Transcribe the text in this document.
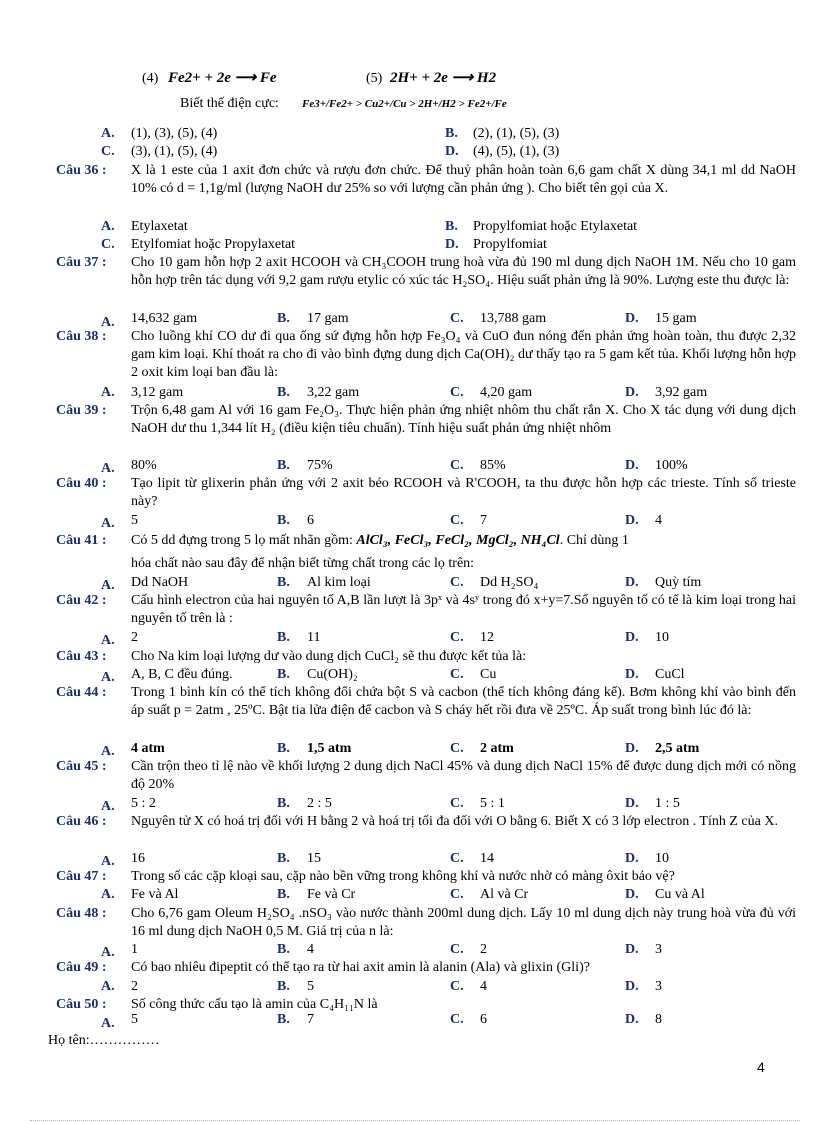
(4) Fe2+ + 2e ⟶ Fe	(5) 2H+ + 2e ⟶ H2
Biết thế điện cực: Fe3+/Fe2+ > Cu2+/Cu > 2H+/H2 > Fe2+/Fe
A. (1), (3), (5), (4)	B. (2), (1), (5), (3)
C. (3), (1), (5), (4)	D. (4), (5), (1), (3)
Câu 36 : X là 1 este của 1 axit đơn chức và rượu đơn chức. Để thuỷ phân hoàn toàn 6,6 gam chất X dùng 34,1 ml dd NaOH 10% có d = 1,1g/ml (lượng NaOH dư 25% so với lượng cần phản ứng ). Cho biết tên gọi của X.
A. Etylaxetat	B. Propylfomiat hoặc Etylaxetat
C. Etylfomiat hoặc Propylaxetat	D. Propylfomiat
Câu 37 : Cho 10 gam hỗn hợp 2 axit HCOOH và CH₃COOH trung hoà vừa đủ 190 ml dung dịch NaOH 1M. Nếu cho 10 gam hỗn hợp trên tác dụng với 9,2 gam rượu etylic có xúc tác H₂SO₄. Hiệu suất phản ứng là 90%. Lượng este thu được là:
A. 14,632 gam	B. 17 gam	C. 13,788 gam	D. 15 gam
Câu 38 : Cho luồng khí CO dư đi qua ống sứ đựng hỗn hợp Fe₃O₄ và CuO đun nóng đến phản ứng hoàn toàn, thu được 2,32 gam kim loại. Khí thoát ra cho đi vào bình đựng dung dịch Ca(OH)₂ dư thấy tạo ra 5 gam kết tủa. Khối lượng hỗn hợp 2 oxit kim loại ban đầu là:
A. 3,12 gam	B. 3,22 gam	C. 4,20 gam	D. 3,92 gam
Câu 39 : Trộn 6,48 gam Al với 16 gam Fe₂O₃. Thực hiện phản ứng nhiệt nhôm thu chất rắn X. Cho X tác dụng với dung dịch NaOH dư thu 1,344 lít H₂ (điều kiện tiêu chuẩn). Tính hiệu suất phản ứng nhiệt nhôm
A. 80%	B. 75%	C. 85%	D. 100%
Câu 40 : Tạo lipit từ glixerin phản ứng với 2 axit béo RCOOH và R'COOH, ta thu được hỗn hợp các trieste. Tính số trieste này?
A. 5	B. 6	C. 7	D. 4
Câu 41 : Có 5 dd đựng trong 5 lọ mất nhãn gồm: AlCl₃, FeCl₃, FeCl₂, MgCl₂, NH₄Cl. Chỉ dùng 1
hóa chất nào sau đây để nhận biết từng chất trong các lọ trên:
A. Dd NaOH	B. Al kim loại	C. Dd H₂SO₄	D. Quỳ tím
Câu 42 : Cấu hình electron của hai nguyên tố A,B lần lượt là 3pˣ và 4sʸ trong đó x+y=7.Số nguyên tố có tể là kim loại trong hai nguyên tố trên là :
A. 2	B. 11	C. 12	D. 10
Câu 43 : Cho Na kim loại lượng dư vào dung dịch CuCl₂ sẽ thu được kết tủa là:
A. A, B, C đều đúng.	B. Cu(OH)₂	C. Cu	D. CuCl
Câu 44 : Trong 1 bình kín có thể tích không đổi chứa bột S và cacbon (thể tích không đáng kể). Bơm không khí vào bình đến áp suất p = 2atm , 25ºC. Bật tia lửa điện để cacbon và S cháy hết rồi đưa về 25ºC. Áp suất trong bình lúc đó là:
A. 4 atm	B. 1,5 atm	C. 2 atm	D. 2,5 atm
Câu 45 : Cần trộn theo tỉ lệ nào về khối lượng 2 dung dịch NaCl 45% và dung dịch NaCl 15% để được dung dịch mới có nồng độ 20%
A. 5 : 2	B. 2 : 5	C. 5 : 1	D. 1 : 5
Câu 46 : Nguyên tử X có hoá trị đối với H bằng 2 và hoá trị tối đa đối với O bằng 6. Biết X có 3 lớp electron . Tính Z của X.
A. 16	B. 15	C. 14	D. 10
Câu 47 : Trong số các cặp kloại sau, cặp nào bền vững trong không khí và nước nhờ có màng ôxit bảo vệ?
A. Fe và Al	B. Fe và Cr	C. Al và Cr	D. Cu và Al
Câu 48 : Cho 6,76 gam Oleum H₂SO₄ .nSO₃ vào nước thành 200ml dung dịch. Lấy 10 ml dung dịch này trung hoà vừa đủ với 16 ml dung dịch NaOH 0,5 M. Giá trị của n là:
A. 1	B. 4	C. 2	D. 3
Câu 49 : Có bao nhiêu đipeptit có thể tạo ra từ hai axit amin là alanin (Ala) và glixin (Gli)?
A. 2	B. 5	C. 4	D. 3
Câu 50 : Số công thức cấu tạo là amin của C₄H₁₁N là
A. 5	B. 7	C. 6	D. 8
Họ tên:……………
4
